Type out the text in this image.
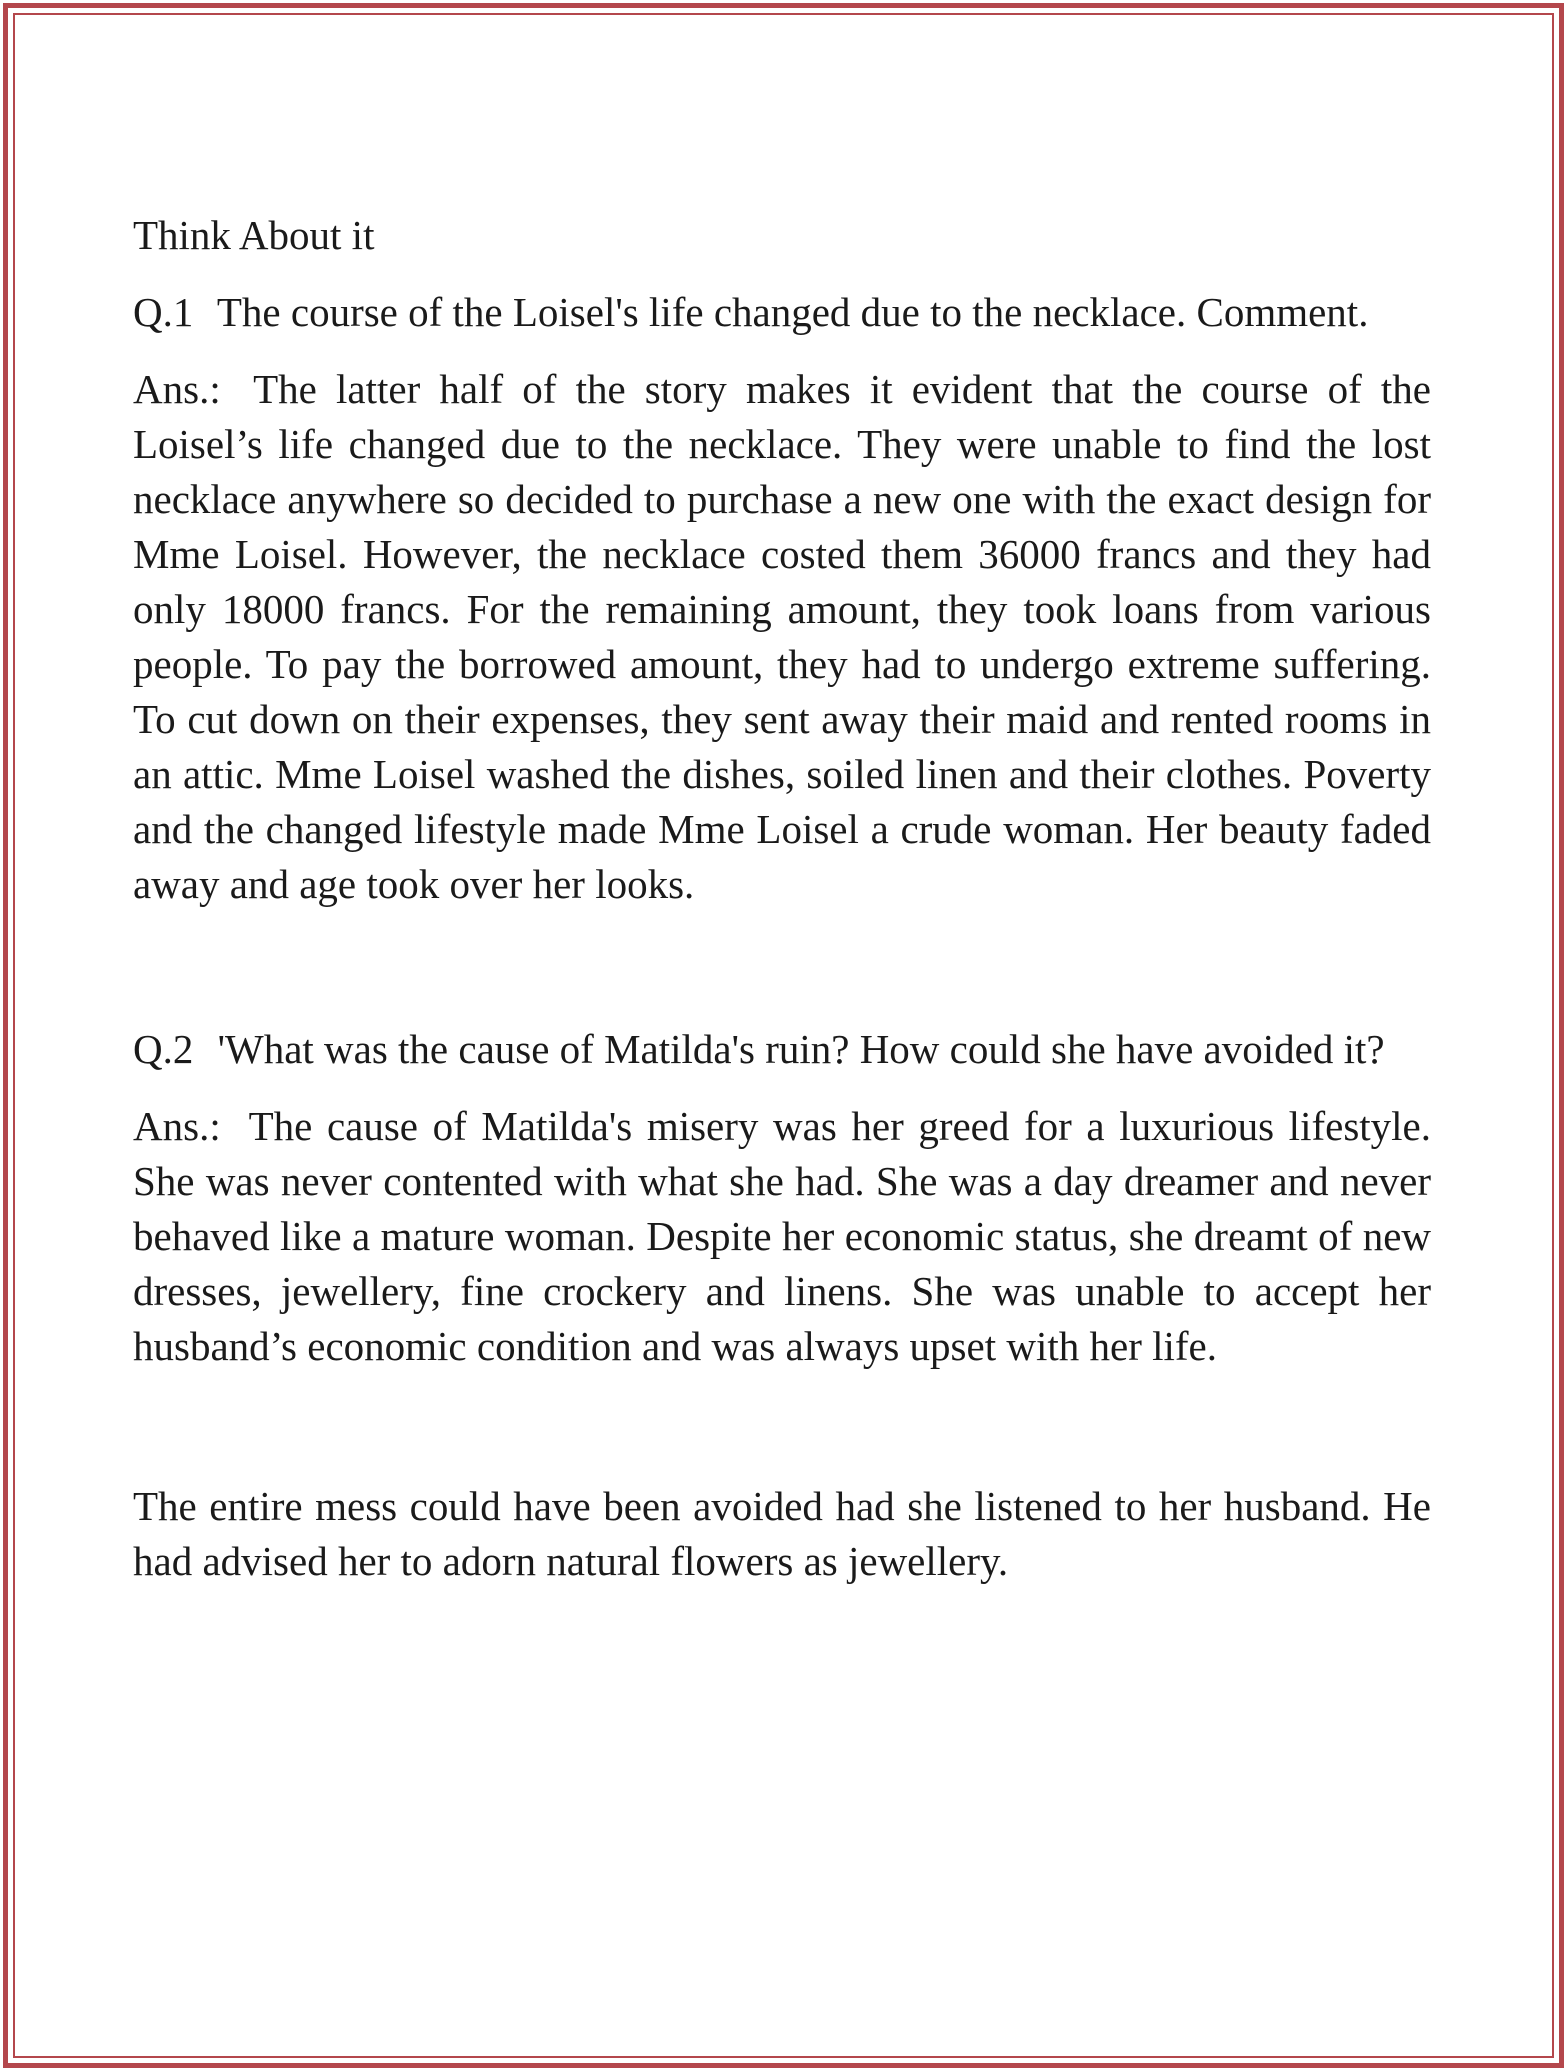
Think About it

Q.1 The course of the Loisel's life changed due to the necklace. Comment.

Ans.: The latter half of the story makes it evident that the course of the Loisel’s life changed due to the necklace. They were unable to find the lost necklace anywhere so decided to purchase a new one with the exact design for Mme Loisel. However, the necklace costed them 36000 francs and they had only 18000 francs. For the remaining amount, they took loans from various people. To pay the borrowed amount, they had to undergo extreme suffering. To cut down on their expenses, they sent away their maid and rented rooms in an attic. Mme Loisel washed the dishes, soiled linen and their clothes. Poverty and the changed lifestyle made Mme Loisel a crude woman. Her beauty faded away and age took over her looks.

Q.2 'What was the cause of Matilda's ruin? How could she have avoided it?

Ans.: The cause of Matilda's misery was her greed for a luxurious lifestyle. She was never contented with what she had. She was a day dreamer and never behaved like a mature woman. Despite her economic status, she dreamt of new dresses, jewellery, fine crockery and linens. She was unable to accept her husband’s economic condition and was always upset with her life.

The entire mess could have been avoided had she listened to her husband. He had advised her to adorn natural flowers as jewellery.
